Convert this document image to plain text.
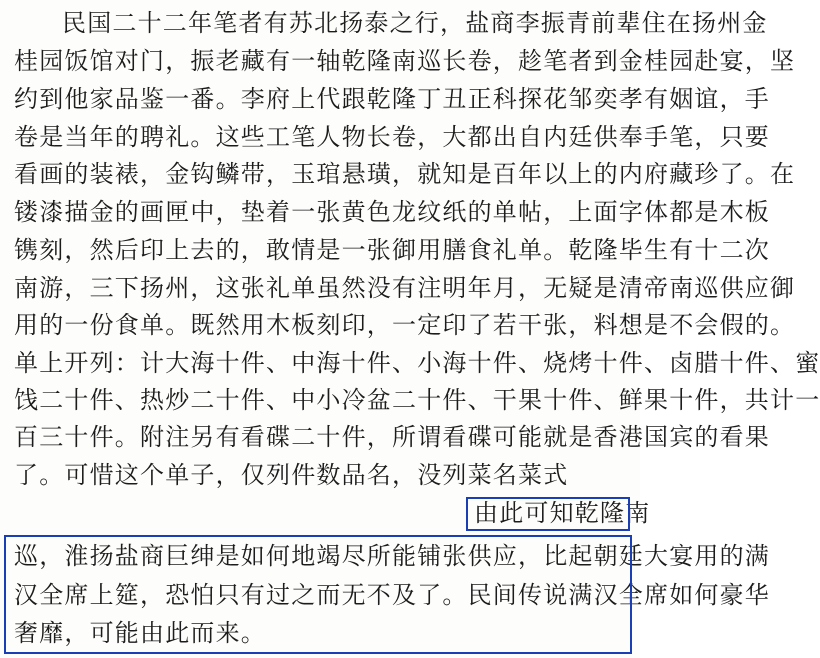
民国二十二年笔者有苏北扬泰之行，盐商李振青前辈住在扬州金
桂园饭馆对门，振老藏有一轴乾隆南巡长卷，趁笔者到金桂园赴宴，坚
约到他家品鉴一番。李府上代跟乾隆丁丑正科探花邹奕孝有姻谊，手
卷是当年的聘礼。这些工笔人物长卷，大都出自内廷供奉手笔，只要
看画的装裱，金钩鳞带，玉琯悬璜，就知是百年以上的内府藏珍了。在
镂漆描金的画匣中，垫着一张黄色龙纹纸的单帖，上面字体都是木板
镌刻，然后印上去的，敢情是一张御用膳食礼单。乾隆毕生有十二次
南游，三下扬州，这张礼单虽然没有注明年月，无疑是清帝南巡供应御
用的一份食单。既然用木板刻印，一定印了若干张，料想是不会假的。
单上开列：计大海十件、中海十件、小海十件、烧烤十件、卤腊十件、蜜
饯二十件、热炒二十件、中小冷盆二十件、干果十件、鲜果十件，共计一
百三十件。附注另有看碟二十件，所谓看碟可能就是香港国宾的看果
了。可惜这个单子，仅列件数品名，没列菜名菜式
由此可知乾隆南
巡，淮扬盐商巨绅是如何地竭尽所能铺张供应，比起朝廷大宴用的满
汉全席上筵，恐怕只有过之而无不及了。民间传说满汉全席如何豪华
奢靡，可能由此而来。
